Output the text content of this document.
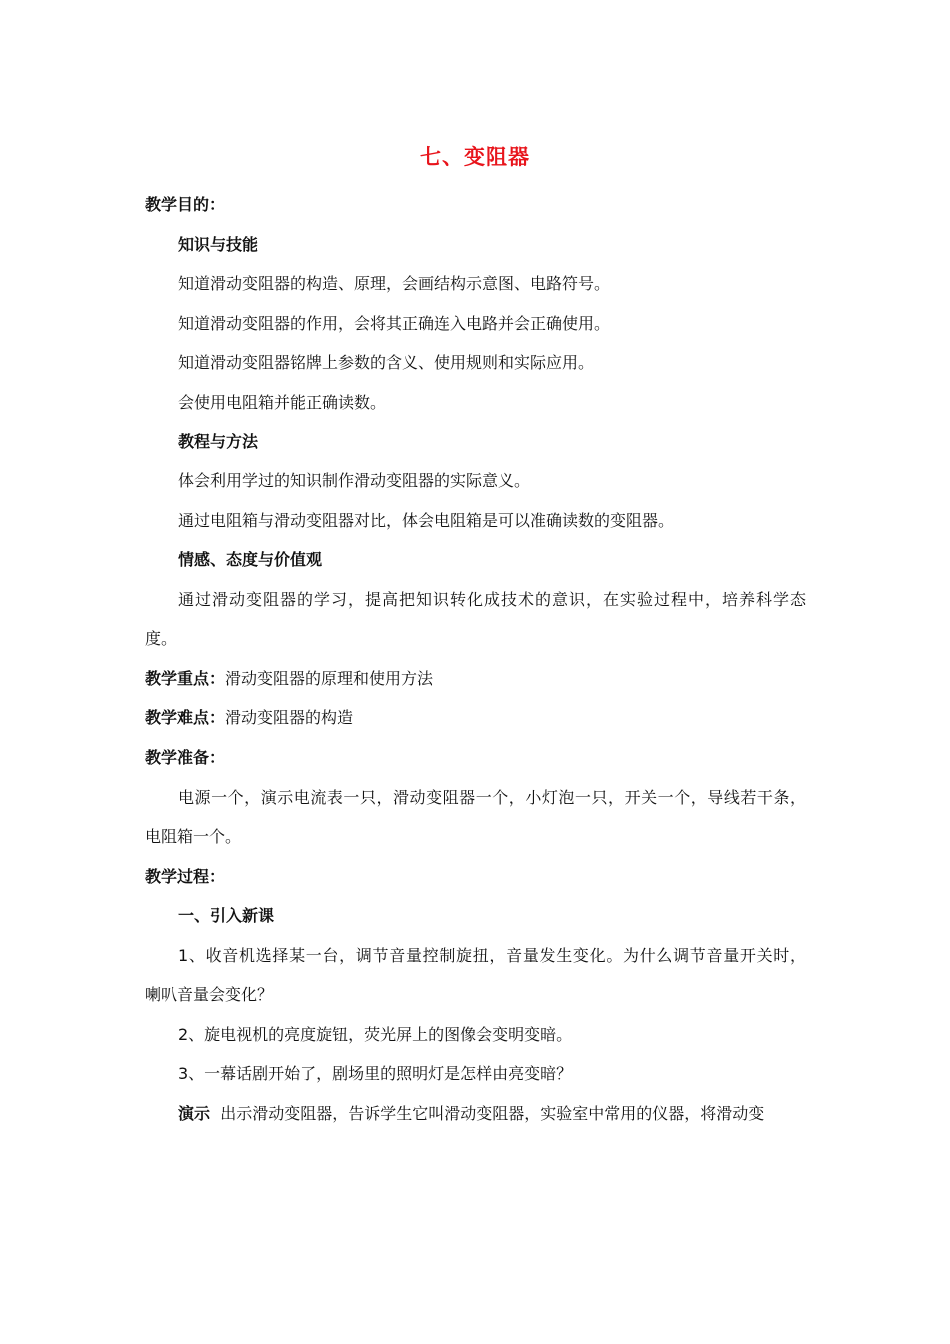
七、变阻器
教学目的：
知识与技能
知道滑动变阻器的构造、原理，会画结构示意图、电路符号。
知道滑动变阻器的作用，会将其正确连入电路并会正确使用。
知道滑动变阻器铭牌上参数的含义、使用规则和实际应用。
会使用电阻箱并能正确读数。
教程与方法
体会利用学过的知识制作滑动变阻器的实际意义。
通过电阻箱与滑动变阻器对比，体会电阻箱是可以准确读数的变阻器。
情感、态度与价值观
通过滑动变阻器的学习，提高把知识转化成技术的意识，在实验过程中，培养科学态
度。
教学重点：滑动变阻器的原理和使用方法
教学难点：滑动变阻器的构造
教学准备：
电源一个，演示电流表一只，滑动变阻器一个，小灯泡一只，开关一个，导线若干条，
电阻箱一个。
教学过程：
一、引入新课
1、收音机选择某一台，调节音量控制旋扭，音量发生变化。为什么调节音量开关时，
喇叭音量会变化？
2、旋电视机的亮度旋钮，荧光屏上的图像会变明变暗。
3、一幕话剧开始了，剧场里的照明灯是怎样由亮变暗？
演示 出示滑动变阻器，告诉学生它叫滑动变阻器，实验室中常用的仪器，将滑动变
